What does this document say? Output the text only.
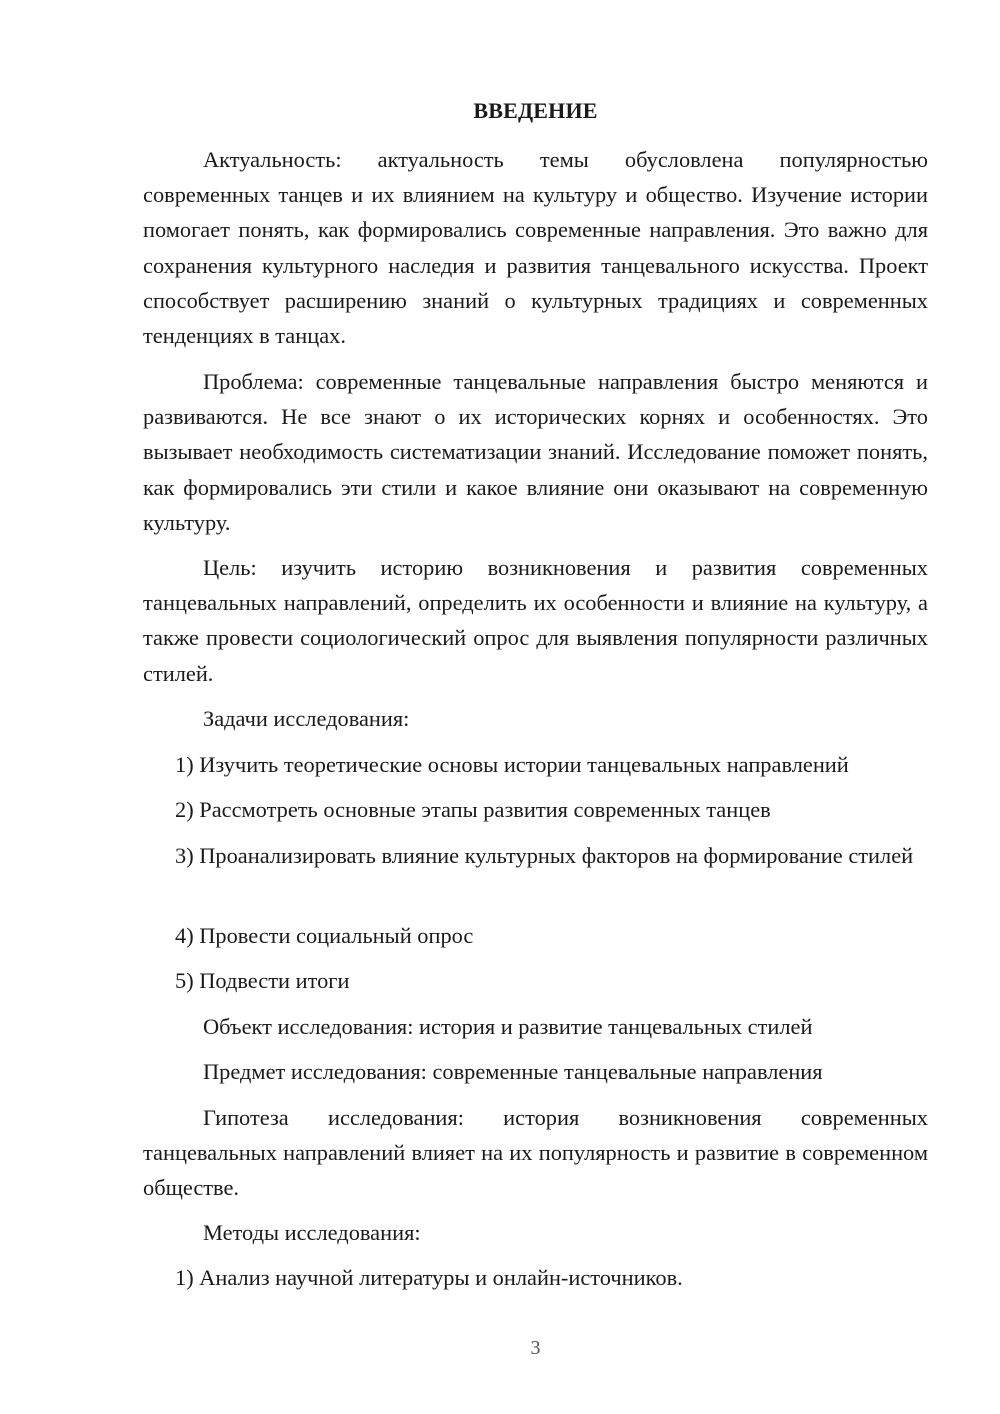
ВВЕДЕНИЕ
Актуальность: актуальность темы обусловлена популярностью современных танцев и их влиянием на культуру и общество. Изучение истории помогает понять, как формировались современные направления. Это важно для сохранения культурного наследия и развития танцевального искусства. Проект способствует расширению знаний о культурных традициях и современных тенденциях в танцах.
Проблема: современные танцевальные направления быстро меняются и развиваются. Не все знают о их исторических корнях и особенностях. Это вызывает необходимость систематизации знаний. Исследование поможет понять, как формировались эти стили и какое влияние они оказывают на современную культуру.
Цель: изучить историю возникновения и развития современных танцевальных направлений, определить их особенности и влияние на культуру, а также провести социологический опрос для выявления популярности различных стилей.
Задачи исследования:
1) Изучить теоретические основы истории танцевальных направлений
2) Рассмотреть основные этапы развития современных танцев
3) Проанализировать влияние культурных факторов на формирование стилей
4) Провести социальный опрос
5) Подвести итоги
Объект исследования: история и развитие танцевальных стилей
Предмет исследования: современные танцевальные направления
Гипотеза исследования: история возникновения современных танцевальных направлений влияет на их популярность и развитие в современном обществе.
Методы исследования:
1) Анализ научной литературы и онлайн-источников.
3
